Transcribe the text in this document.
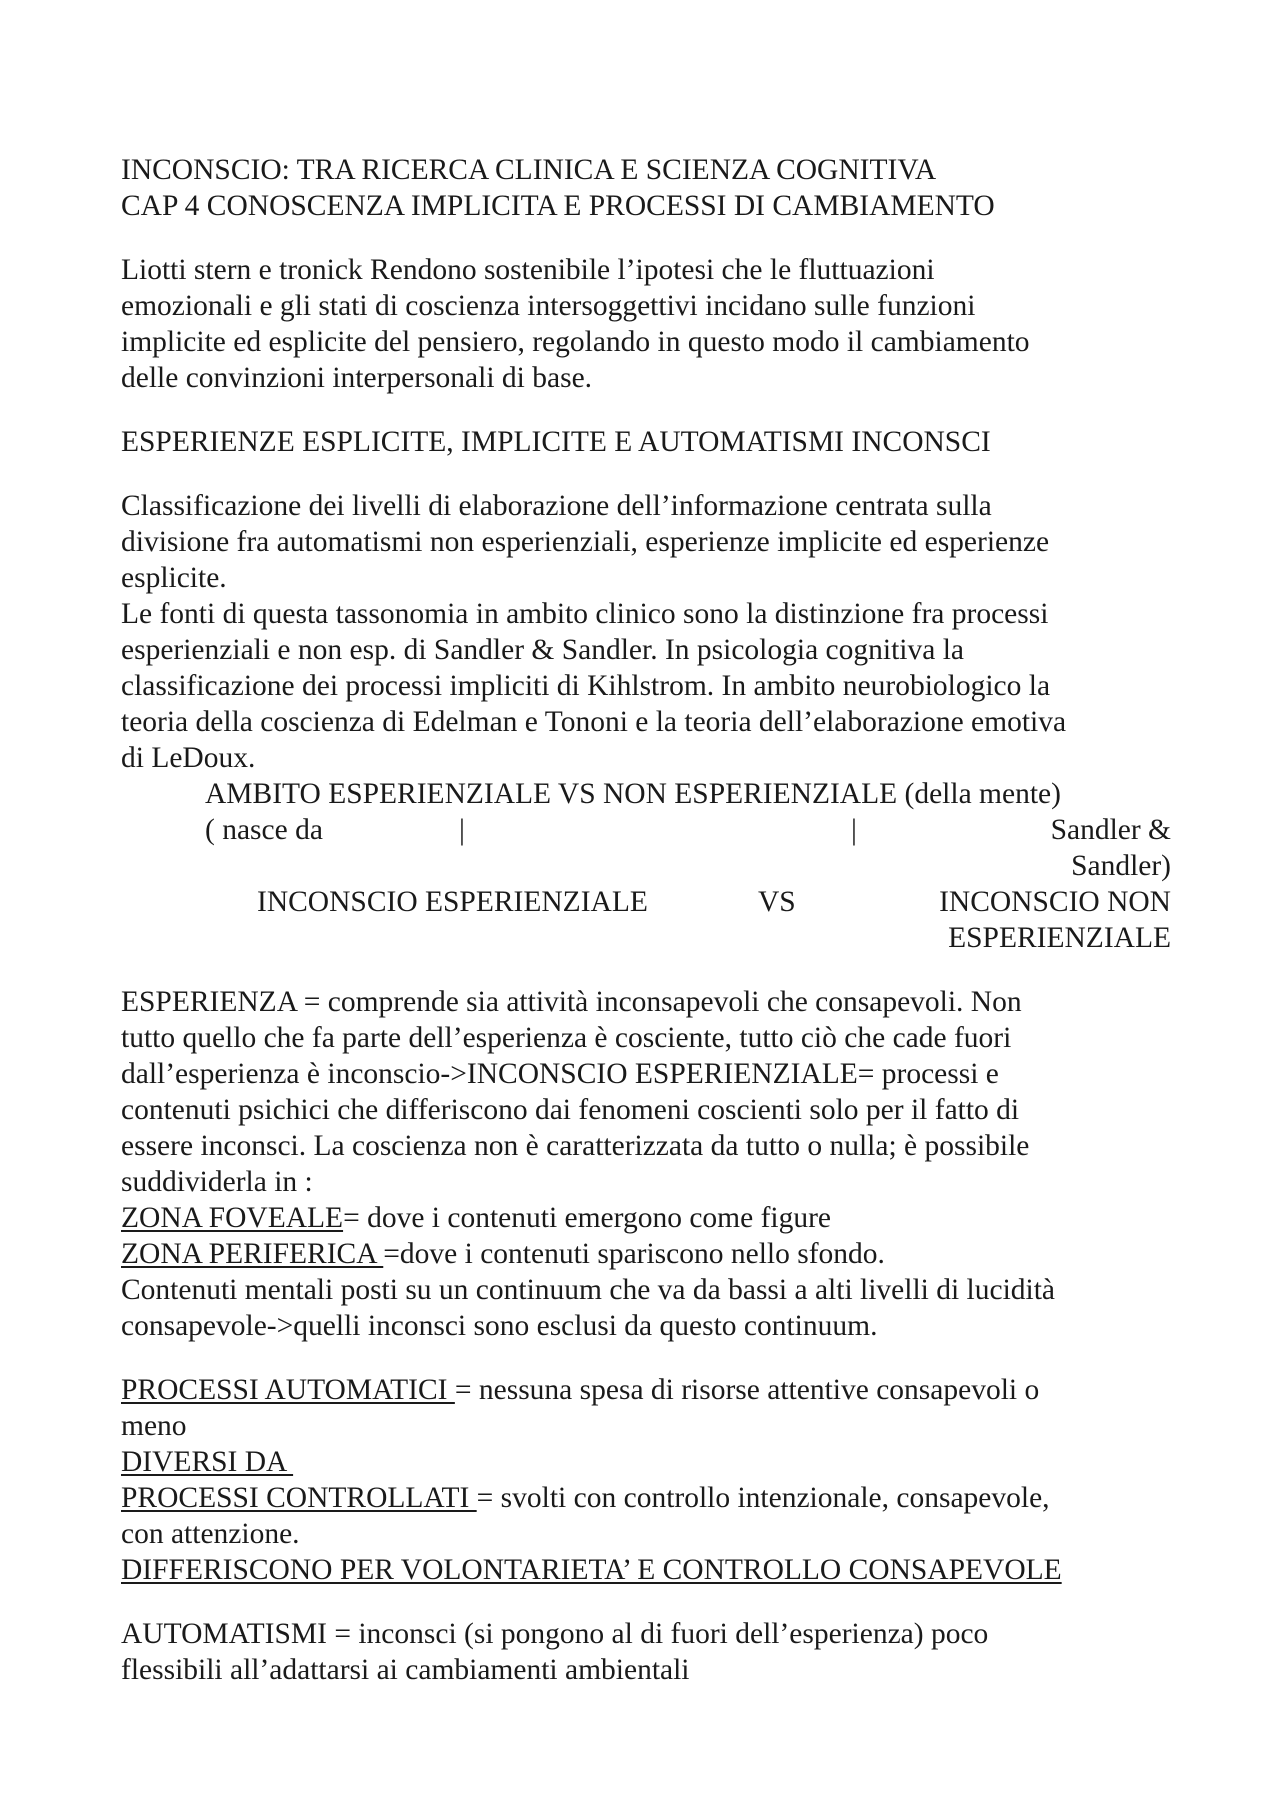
INCONSCIO: TRA RICERCA CLINICA E SCIENZA COGNITIVA

CAP 4 CONOSCENZA IMPLICITA E PROCESSI DI CAMBIAMENTO

Liotti stern e tronick Rendono sostenibile l’ipotesi che le fluttuazioni

emozionali e gli stati di coscienza intersoggettivi incidano sulle funzioni

implicite ed esplicite del pensiero, regolando in questo modo il cambiamento

delle convinzioni interpersonali di base.

ESPERIENZE ESPLICITE, IMPLICITE E AUTOMATISMI INCONSCI

Classificazione dei livelli di elaborazione dell’informazione centrata sulla

divisione fra automatismi non esperienziali, esperienze implicite ed esperienze

esplicite.

Le fonti di questa tassonomia in ambito clinico sono la distinzione fra processi

esperienziali e non esp. di Sandler & Sandler. In psicologia cognitiva la

classificazione dei processi impliciti di Kihlstrom. In ambito neurobiologico la

teoria della coscienza di Edelman e Tononi e la teoria dell’elaborazione emotiva

di LeDoux.

AMBITO ESPERIENZIALE VS NON ESPERIENZIALE (della mente)

( nasce da	|	|	Sandler &

Sandler)

INCONSCIO ESPERIENZIALE	VS	INCONSCIO NON

ESPERIENZIALE

ESPERIENZA = comprende sia attività inconsapevoli che consapevoli. Non

tutto quello che fa parte dell’esperienza è cosciente, tutto ciò che cade fuori

dall’esperienza è inconscio->INCONSCIO ESPERIENZIALE= processi e

contenuti psichici che differiscono dai fenomeni coscienti solo per il fatto di

essere inconsci. La coscienza non è caratterizzata da tutto o nulla; è possibile

suddividerla in :

ZONA FOVEALE= dove i contenuti emergono come figure

ZONA PERIFERICA =dove i contenuti spariscono nello sfondo.

Contenuti mentali posti su un continuum che va da bassi a alti livelli di lucidità

consapevole->quelli inconsci sono esclusi da questo continuum.

PROCESSI AUTOMATICI = nessuna spesa di risorse attentive consapevoli o

meno

DIVERSI DA

PROCESSI CONTROLLATI = svolti con controllo intenzionale, consapevole,

con attenzione.

DIFFERISCONO PER VOLONTARIETA’ E CONTROLLO CONSAPEVOLE

AUTOMATISMI = inconsci (si pongono al di fuori dell’esperienza) poco

flessibili all’adattarsi ai cambiamenti ambientali
